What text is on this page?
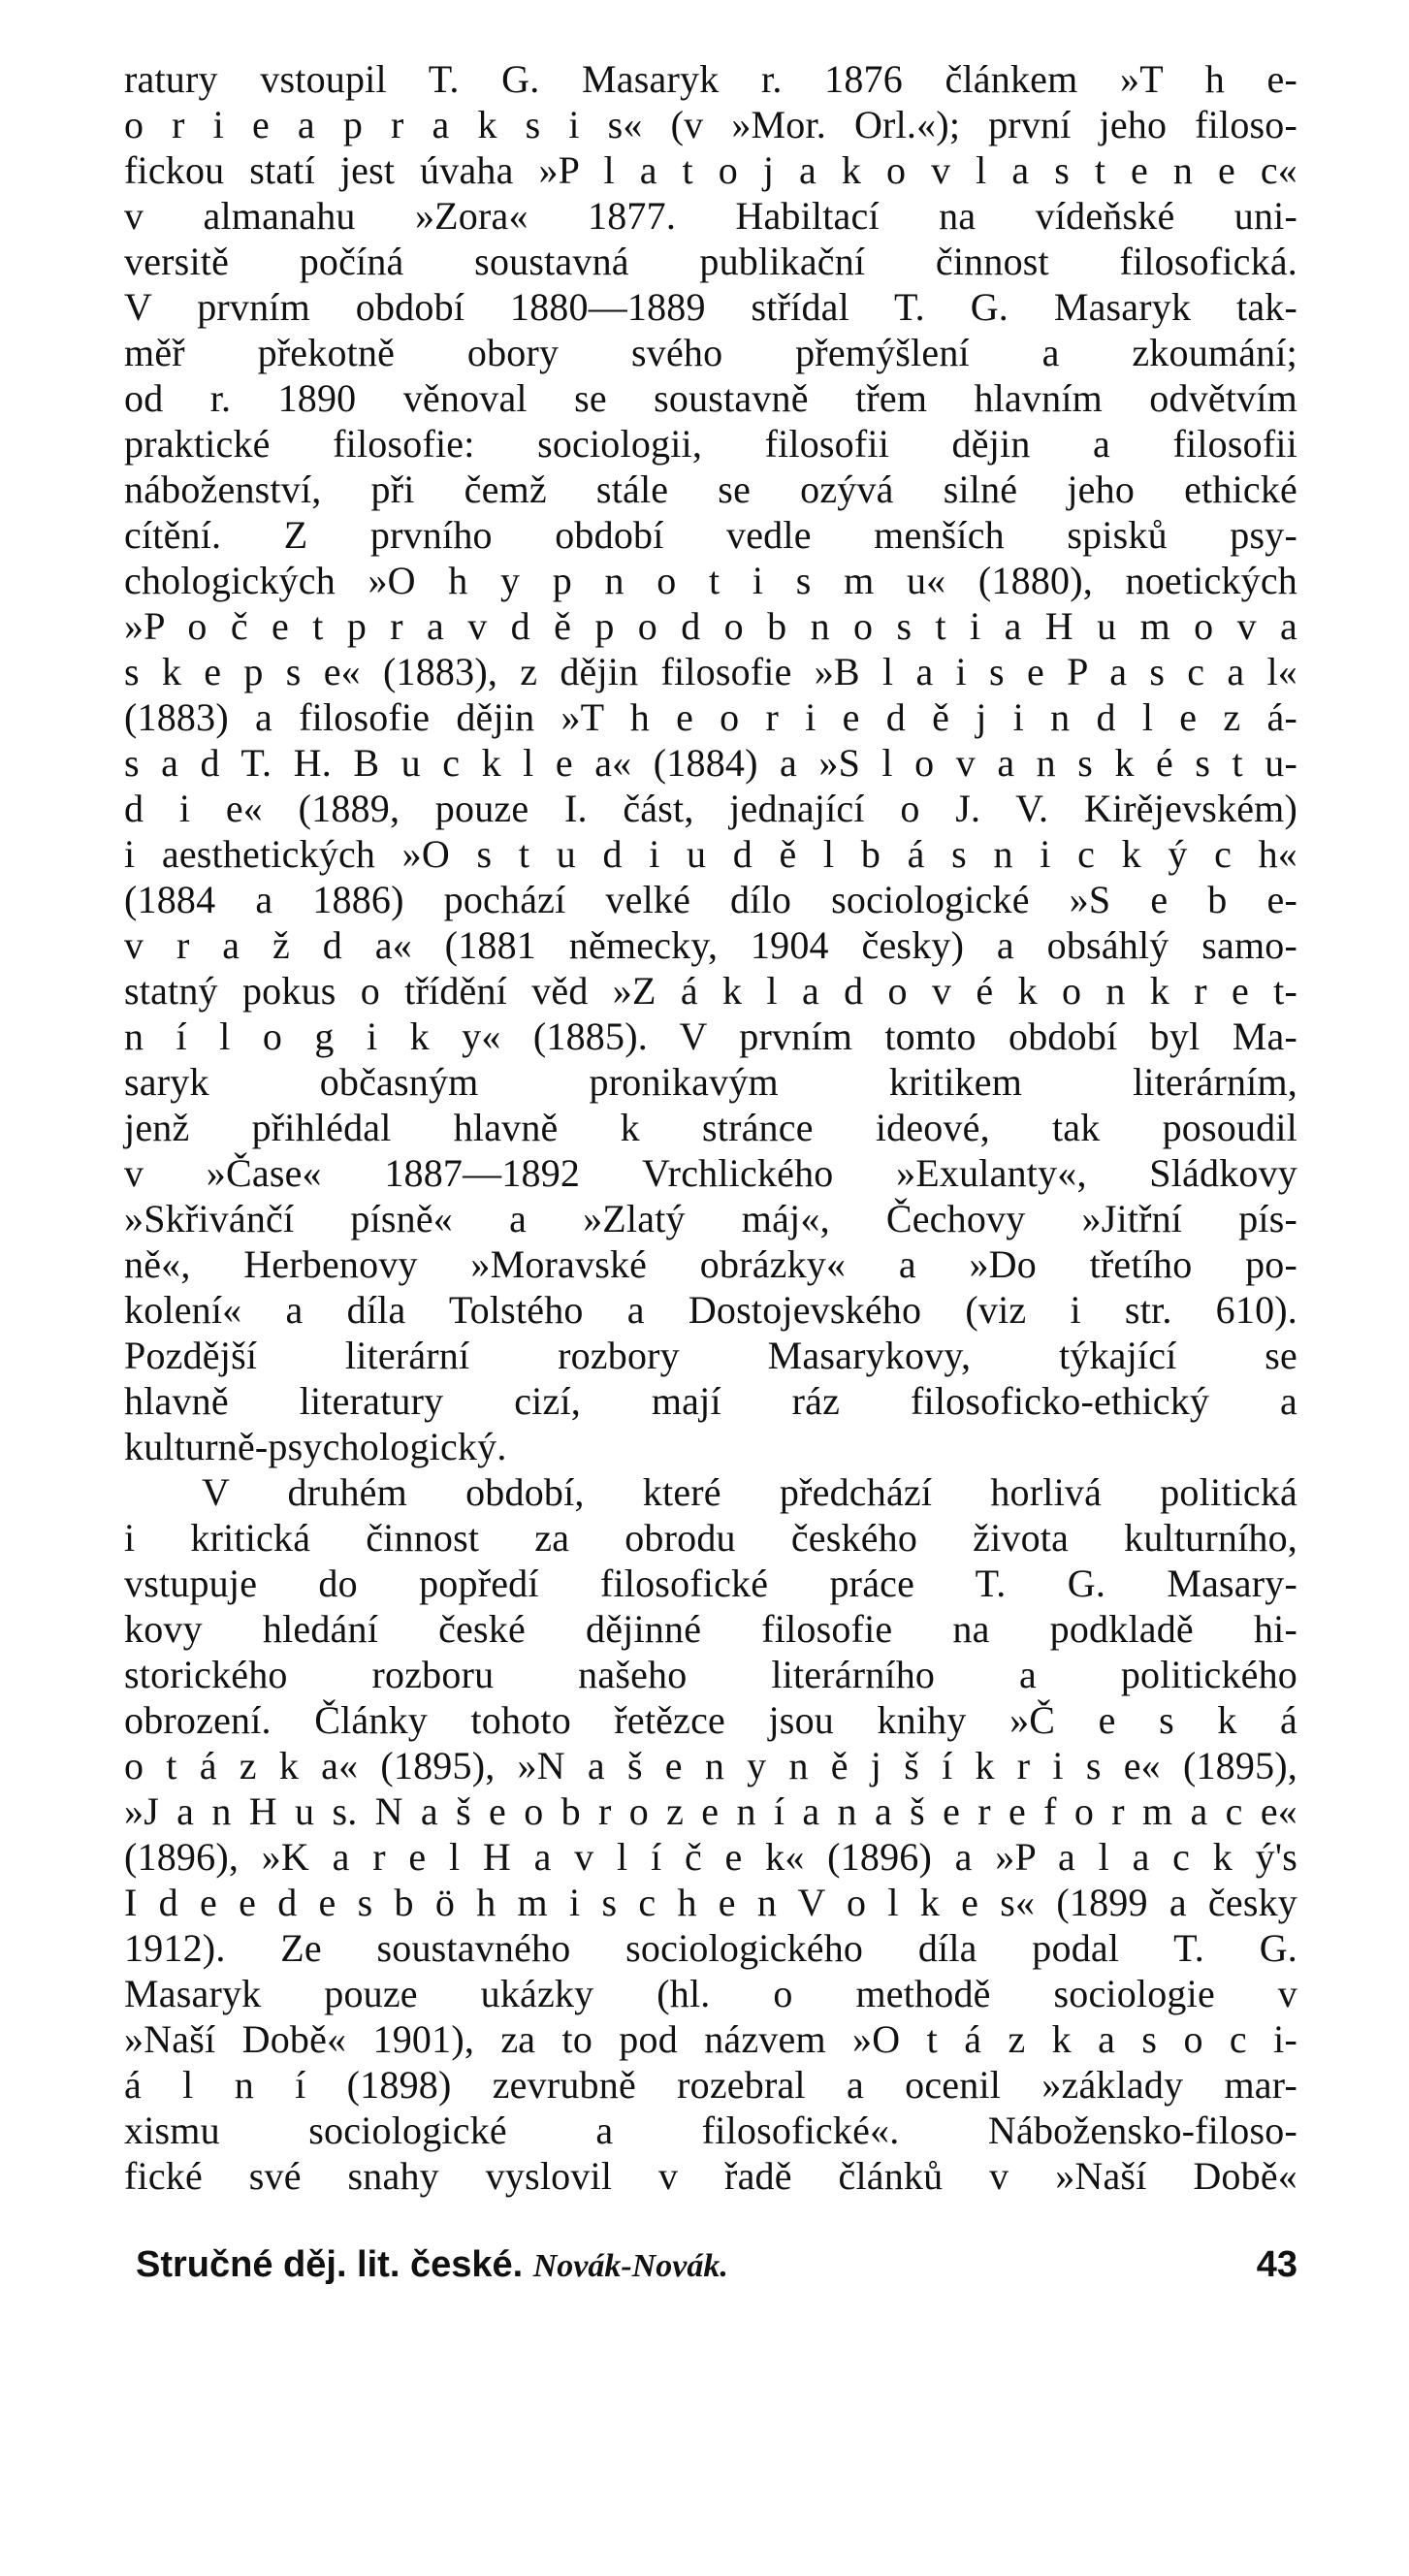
ratury vstoupil T. G. Masaryk r. 1876 článkem »T h e-
o r i e a p r a k s i s« (v »Mor. Orl.«); první jeho filoso-
fickou statí jest úvaha »P l a t o j a k o v l a s t e n e c«
v almanahu »Zora« 1877. Habiltací na vídeňské uni-
versitě počíná soustavná publikační činnost filosofická.
V prvním období 1880—1889 střídal T. G. Masaryk tak-
měř překotně obory svého přemýšlení a zkoumání;
od r. 1890 věnoval se soustavně třem hlavním odvětvím
praktické filosofie: sociologii, filosofii dějin a filosofii
náboženství, při čemž stále se ozývá silné jeho ethické
cítění. Z prvního období vedle menších spisků psy-
chologických »O h y p n o t i s m u« (1880), noetických
»P o č e t p r a v d ě p o d o b n o s t i a H u m o v a
s k e p s e« (1883), z dějin filosofie »B l a i s e P a s c a l«
(1883) a filosofie dějin »T h e o r i e d ě j i n d l e z á-
s a d T. H. B u c k l e a« (1884) a »S l o v a n s k é s t u-
d i e« (1889, pouze I. část, jednající o J. V. Kirějevském)
i aesthetických »O s t u d i u d ě l b á s n i c k ý c h«
(1884 a 1886) pochází velké dílo sociologické »S e b e-
v r a ž d a« (1881 německy, 1904 česky) a obsáhlý samo-
statný pokus o třídění věd »Z á k l a d o v é k o n k r e t-
n í l o g i k y« (1885). V prvním tomto období byl Ma-
saryk občasným pronikavým kritikem literárním,
jenž přihlédal hlavně k stránce ideové, tak posoudil
v »Čase« 1887—1892 Vrchlického »Exulanty«, Sládkovy
»Skřivánčí písně« a »Zlatý máj«, Čechovy »Jitřní pís-
ně«, Herbenovy »Moravské obrázky« a »Do třetího po-
kolení« a díla Tolstého a Dostojevského (viz i str. 610).
Pozdější literární rozbory Masarykovy, týkající se
hlavně literatury cizí, mají ráz filosoficko-ethický a
kulturně-psychologický.
V druhém období, které předchází horlivá politická
i kritická činnost za obrodu českého života kulturního,
vstupuje do popředí filosofické práce T. G. Masary-
kovy hledání české dějinné filosofie na podkladě hi-
storického rozboru našeho literárního a politického
obrození. Články tohoto řetězce jsou knihy »Č e s k á
o t á z k a« (1895), »N a š e n y n ě j š í k r i s e« (1895),
»J a n H u s. N a š e o b r o z e n í a n a š e r e f o r m a c e«
(1896), »K a r e l H a v l í č e k« (1896) a »P a l a c k ý's
I d e e d e s b ö h m i s c h e n V o l k e s« (1899 a česky
1912). Ze soustavného sociologického díla podal T. G.
Masaryk pouze ukázky (hl. o methodě sociologie v
»Naší Době« 1901), za to pod názvem »O t á z k a s o c i-
á l n í (1898) zevrubně rozebral a ocenil »základy mar-
xismu sociologické a filosofické«. Nábožensko-filoso-
fické své snahy vyslovil v řadě článků v »Naší Době«
Stručné děj. lit. české. Novák-Novák.	43
